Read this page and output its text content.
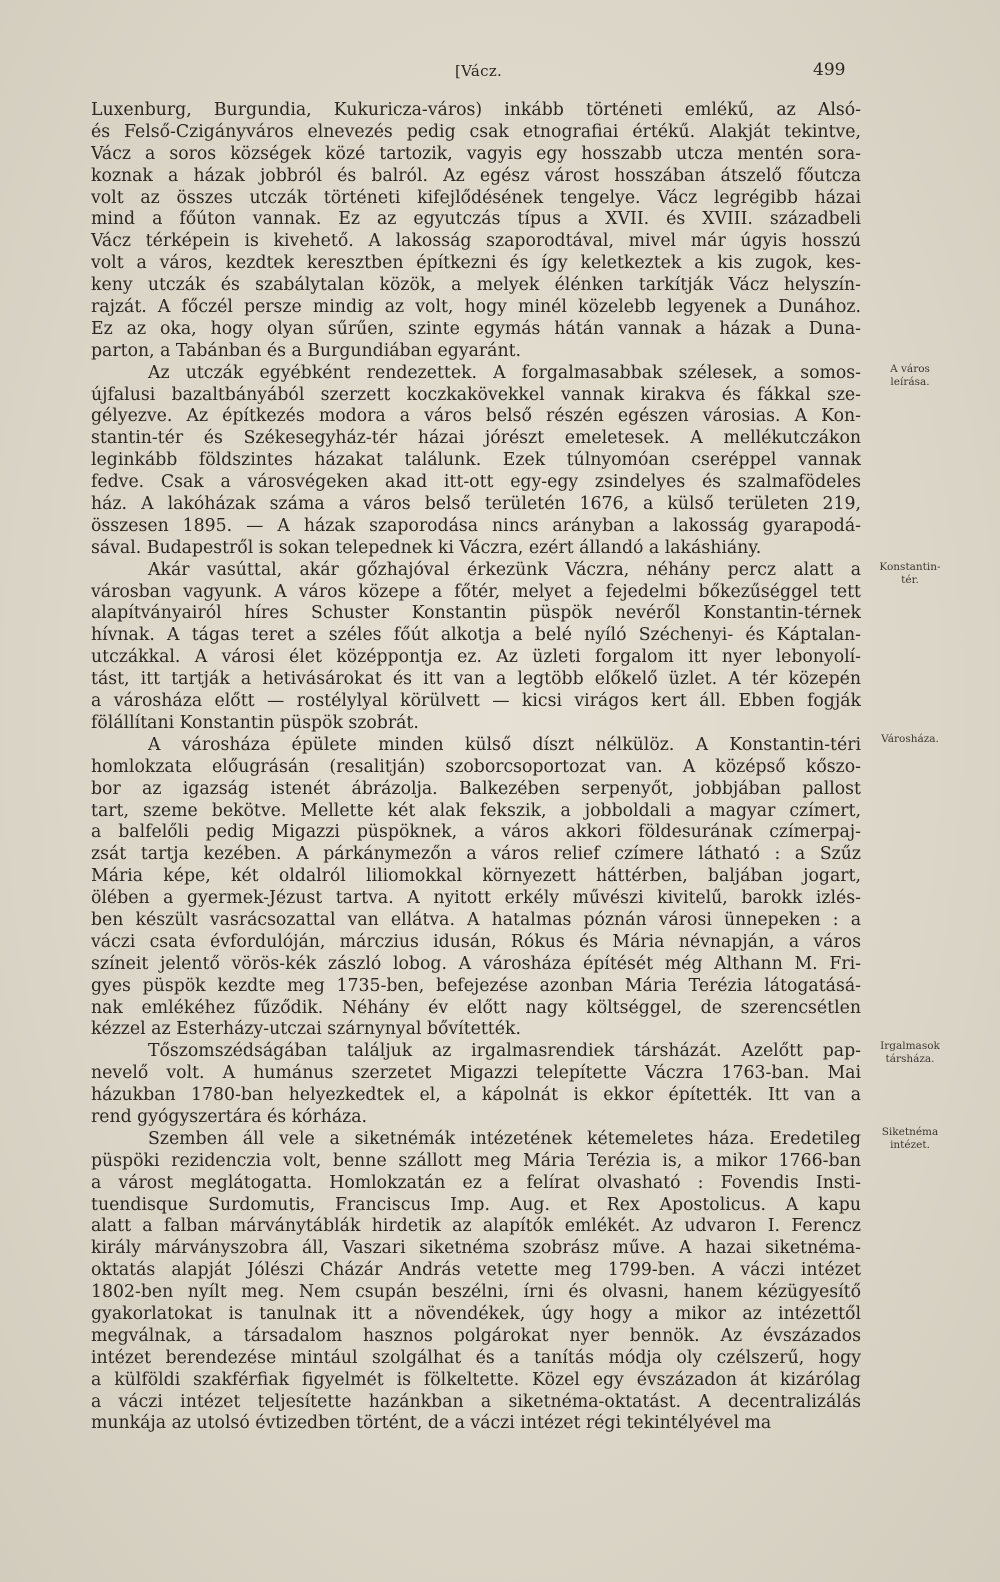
[Vácz.	499
Luxenburg, Burgundia, Kukuricza-város) inkább történeti emlékű, az Alsó-
és Felső-Czigányváros elnevezés pedig csak etnografiai értékű. Alakját tekintve,
Vácz a soros községek közé tartozik, vagyis egy hosszabb utcza mentén sora-
koznak a házak jobbról és balról. Az egész várost hosszában átszelő főutcza
volt az összes utczák történeti kifejlődésének tengelye. Vácz legrégibb házai
mind a főúton vannak. Ez az egyutczás típus a XVII. és XVIII. századbeli
Vácz térképein is kivehető. A lakosság szaporodtával, mivel már úgyis hosszú
volt a város, kezdtek keresztben építkezni és így keletkeztek a kis zugok, kes-
keny utczák és szabálytalan közök, a melyek élénken tarkítják Vácz helyszín-
rajzát. A főczél persze mindig az volt, hogy minél közelebb legyenek a Dunához.
Ez az oka, hogy olyan sűrűen, szinte egymás hátán vannak a házak a Duna-
parton, a Tabánban és a Burgundiában egyaránt.
Az utczák egyébként rendezettek. A forgalmasabbak szélesek, a somos-
újfalusi bazaltbányából szerzett koczkakövekkel vannak kirakva és fákkal sze-
gélyezve. Az építkezés modora a város belső részén egészen városias. A Kon-
stantin-tér és Székesegyház-tér házai jórészt emeletesek. A mellékutczákon
leginkább földszintes házakat találunk. Ezek túlnyomóan cseréppel vannak
fedve. Csak a városvégeken akad itt-ott egy-egy zsindelyes és szalmafödeles
ház. A lakóházak száma a város belső területén 1676, a külső területen 219,
összesen 1895. — A házak szaporodása nincs arányban a lakosság gyarapodá-
sával. Budapestről is sokan telepednek ki Váczra, ezért állandó a lakáshiány.
Akár vasúttal, akár gőzhajóval érkezünk Váczra, néhány percz alatt a
városban vagyunk. A város közepe a főtér, melyet a fejedelmi bőkezűséggel tett
alapítványairól híres Schuster Konstantin püspök nevéről Konstantin-térnek
hívnak. A tágas teret a széles főút alkotja a belé nyíló Széchenyi- és Káptalan-
utczákkal. A városi élet középpontja ez. Az üzleti forgalom itt nyer lebonyolí-
tást, itt tartják a hetivásárokat és itt van a legtöbb előkelő üzlet. A tér közepén
a városháza előtt — rostélylyal körülvett — kicsi virágos kert áll. Ebben fogják
fölállítani Konstantin püspök szobrát.
A városháza épülete minden külső díszt nélkülöz. A Konstantin-téri
homlokzata előugrásán (resalitján) szoborcsoportozat van. A középső kőszo-
bor az igazság istenét ábrázolja. Balkezében serpenyőt, jobbjában pallost
tart, szeme bekötve. Mellette két alak fekszik, a jobboldali a magyar czímert,
a balfelőli pedig Migazzi püspöknek, a város akkori földesurának czímerpaj-
zsát tartja kezében. A párkánymezőn a város relief czímere látható : a Szűz
Mária képe, két oldalról liliomokkal környezett háttérben, baljában jogart,
ölében a gyermek-Jézust tartva. A nyitott erkély művészi kivitelű, barokk izlés-
ben készült vasrácsozattal van ellátva. A hatalmas póznán városi ünnepeken : a
váczi csata évfordulóján, márczius idusán, Rókus és Mária névnapján, a város
színeit jelentő vörös-kék zászló lobog. A városháza építését még Althann M. Fri-
gyes püspök kezdte meg 1735-ben, befejezése azonban Mária Terézia látogatásá-
nak emlékéhez fűződik. Néhány év előtt nagy költséggel, de szerencsétlen
kézzel az Esterházy-utczai szárnynyal bővítették.
Tőszomszédságában találjuk az irgalmasrendiek társházát. Azelőtt pap-
nevelő volt. A humánus szerzetet Migazzi telepítette Váczra 1763-ban. Mai
házukban 1780-ban helyezkedtek el, a kápolnát is ekkor építették. Itt van a
rend gyógyszertára és kórháza.
Szemben áll vele a siketnémák intézetének kétemeletes háza. Eredetileg
püspöki rezidenczia volt, benne szállott meg Mária Terézia is, a mikor 1766-ban
a várost meglátogatta. Homlokzatán ez a felírat olvasható : Fovendis Insti-
tuendisque Surdomutis, Franciscus Imp. Aug. et Rex Apostolicus. A kapu
alatt a falban márványtáblák hirdetik az alapítók emlékét. Az udvaron I. Ferencz
király márványszobra áll, Vaszari siketnéma szobrász műve. A hazai siketnéma-
oktatás alapját Jólészi Cházár András vetette meg 1799-ben. A váczi intézet
1802-ben nyílt meg. Nem csupán beszélni, írni és olvasni, hanem kézügyesítő
gyakorlatokat is tanulnak itt a növendékek, úgy hogy a mikor az intézettől
megválnak, a társadalom hasznos polgárokat nyer bennök. Az évszázados
intézet berendezése mintául szolgálhat és a tanítás módja oly czélszerű, hogy
a külföldi szakférfiak figyelmét is fölkeltette. Közel egy évszázadon át kizárólag
a váczi intézet teljesítette hazánkban a siketnéma-oktatást. A decentralizálás
munkája az utolsó évtizedben történt, de a váczi intézet régi tekintélyével ma
A város
leírása.
Konstantin-
tér.
Városháza.
Irgalmasok
társháza.
Siketnéma
intézet.
